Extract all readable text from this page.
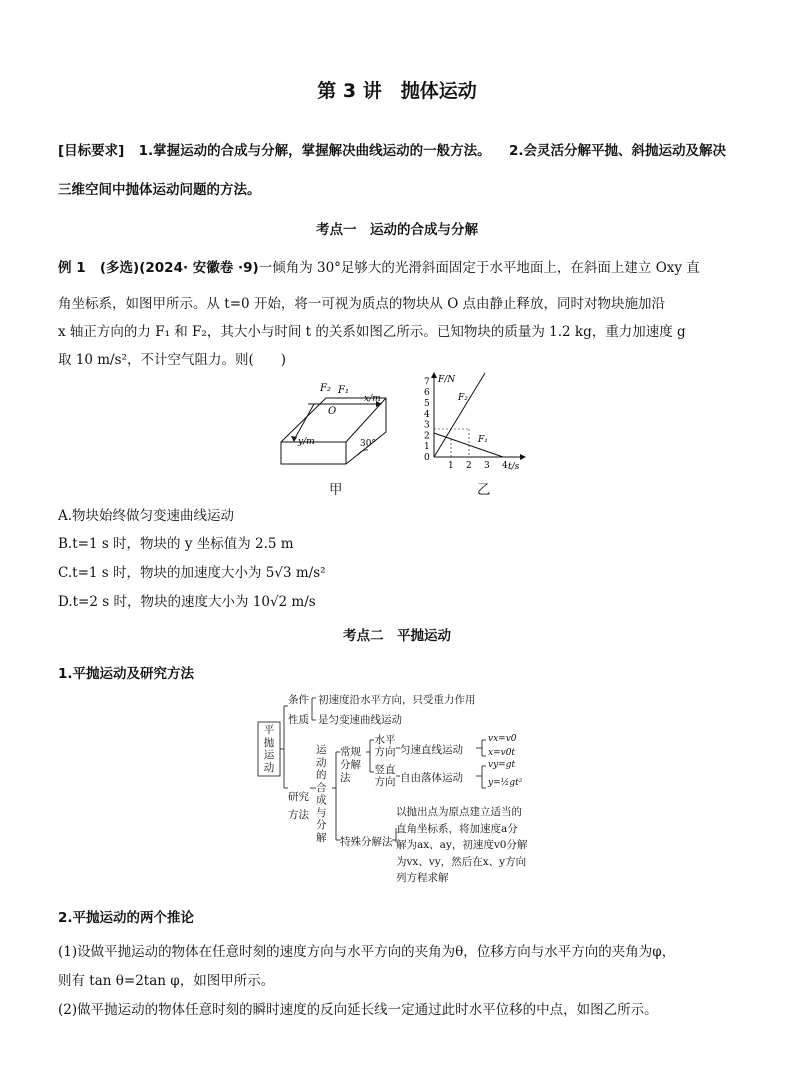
第 3 讲　抛体运动
[目标要求] 1.掌握运动的合成与分解，掌握解决曲线运动的一般方法。 2.会灵活分解平抛、斜抛运动及解决
三维空间中抛体运动问题的方法。
考点一　运动的合成与分解
例 1 (多选)(2024· 安徽卷 ·9)一倾角为 30°足够大的光滑斜面固定于水平地面上，在斜面上建立 Oxy 直
角坐标系，如图甲所示。从 t=0 开始，将一可视为质点的物块从 O 点由静止释放，同时对物块施加沿
x 轴正方向的力 F₁ 和 F₂，其大小与时间 t 的关系如图乙所示。已知物块的质量为 1.2 kg，重力加速度 g
取 10 m/s²，不计空气阻力。则(　　)
F₂ F₁
O
x/m
y/m	30°
甲
F/N
t/s
0
1
2
3
4
5
6
7
1 2 3 4
F₂
F₁
乙
A.物块始终做匀变速曲线运动
B.t=1 s 时，物块的 y 坐标值为 2.5 m
C.t=1 s 时，物块的加速度大小为 5√3 m/s²
D.t=2 s 时，物块的速度大小为 10√2 m/s
考点二　平抛运动
1.平抛运动及研究方法
平抛运动
条件
性质
初速度沿水平方向，只受重力作用
是匀变速曲线运动
研究方法
运动的合成与分解
常规分解法
水平方向
竖直方向
匀速直线运动
自由落体运动
vx=v0
x=v0t
vy=gt
y=½gt²
特殊分解法
以抛出点为原点建立适当的
直角坐标系，将加速度a分
解为ax、ay，初速度v0分解
为vx、vy，然后在x、y方向
列方程求解
2.平抛运动的两个推论
(1)设做平抛运动的物体在任意时刻的速度方向与水平方向的夹角为θ，位移方向与水平方向的夹角为φ，
则有 tan θ=2tan φ，如图甲所示。
(2)做平抛运动的物体任意时刻的瞬时速度的反向延长线一定通过此时水平位移的中点，如图乙所示。
